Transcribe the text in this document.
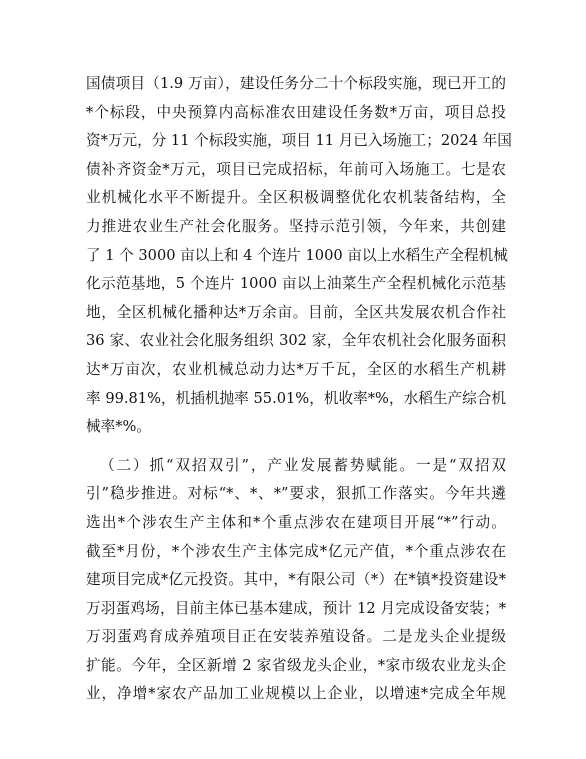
国债项目（1.9 万亩），建设任务分二十个标段实施，现已开工的
*个标段，中央预算内高标准农田建设任务数*万亩，项目总投
资*万元，分 11 个标段实施，项目 11 月已入场施工；2024 年国
债补齐资金*万元，项目已完成招标，年前可入场施工。七是农
业机械化水平不断提升。全区积极调整优化农机装备结构，全
力推进农业生产社会化服务。坚持示范引领，今年来，共创建
了 1 个 3000 亩以上和 4 个连片 1000 亩以上水稻生产全程机械
化示范基地，5 个连片 1000 亩以上油菜生产全程机械化示范基
地，全区机械化播种达*万余亩。目前，全区共发展农机合作社
36 家、农业社会化服务组织 302 家，全年农机社会化服务面积
达*万亩次，农业机械总动力达*万千瓦，全区的水稻生产机耕
率 99.81%，机插机抛率 55.01%，机收率*%，水稻生产综合机
械率*%。
（二）抓“双招双引”，产业发展蓄势赋能。一是“双招双
引”稳步推进。对标“*、*、*”要求，狠抓工作落实。今年共遴
选出*个涉农生产主体和*个重点涉农在建项目开展“*”行动。
截至*月份，*个涉农生产主体完成*亿元产值，*个重点涉农在
建项目完成*亿元投资。其中，*有限公司（*）在*镇*投资建设*
万羽蛋鸡场，目前主体已基本建成，预计 12 月完成设备安装；*
万羽蛋鸡育成养殖项目正在安装养殖设备。二是龙头企业提级
扩能。今年，全区新增 2 家省级龙头企业，*家市级农业龙头企
业，净增*家农产品加工业规模以上企业，以增速*完成全年规
